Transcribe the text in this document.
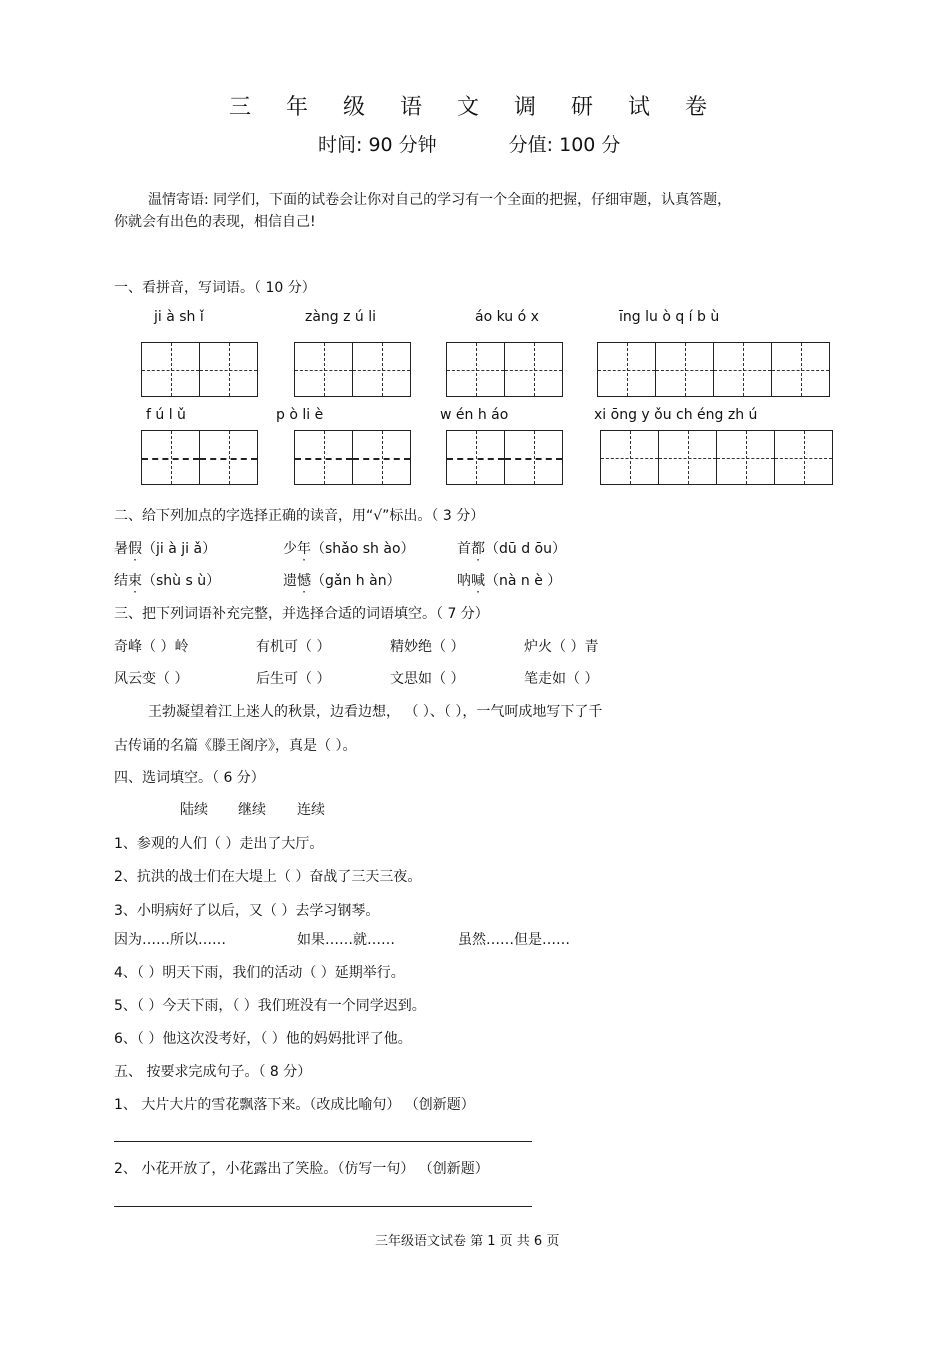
三 年 级 语 文 调 研 试 卷
时间: 90 分钟	分值: 100 分
温情寄语: 同学们，下面的试卷会让你对自己的学习有一个全面的把握，仔细审题，认真答题，
你就会有出色的表现，相信自己!
一、看拼音，写词语。（ 10 分）
ji à sh ǐ	zàng z ú li	áo ku ó x	īng lu ò q í b ù
f ú l ǔ	p ò li è	w én h áo	xi ōng y ǒu ch éng zh ú
二、给下列加点的字选择正确的读音，用“√”标出。（ 3 分）
暑假（ji à ji ǎ）	少年（shǎo sh ào）	首都（dū d ōu）
结束（shù s ù）	遗憾（gǎn h àn）	呐喊（nà n è ）
三、把下列词语补充完整，并选择合适的词语填空。（ 7 分）
奇峰（ ）岭	有机可（ ）	精妙绝（ ）	炉火（ ）青
风云变（ ）	后生可（ ）	文思如（ ）	笔走如（ ）
王勃凝望着江上迷人的秋景，边看边想， （ ）、（ ），一气呵成地写下了千
古传诵的名篇《滕王阁序》，真是（ ）。
四、选词填空。（ 6 分）
陆续 继续 连续
1、参观的人们（ ）走出了大厅。
2、抗洪的战士们在大堤上（ ）奋战了三天三夜。
3、小明病好了以后，又（ ）去学习钢琴。
因为……所以……	如果……就……	虽然……但是……
4、（ ）明天下雨，我们的活动（ ）延期举行。
5、（ ）今天下雨，（ ）我们班没有一个同学迟到。
6、（ ）他这次没考好，（ ）他的妈妈批评了他。
五、 按要求完成句子。（ 8 分）
1、 大片大片的雪花飘落下来。（改成比喻句） （创新题）
2、 小花开放了，小花露出了笑脸。（仿写一句） （创新题）
三年级语文试卷 第 1 页 共 6 页
